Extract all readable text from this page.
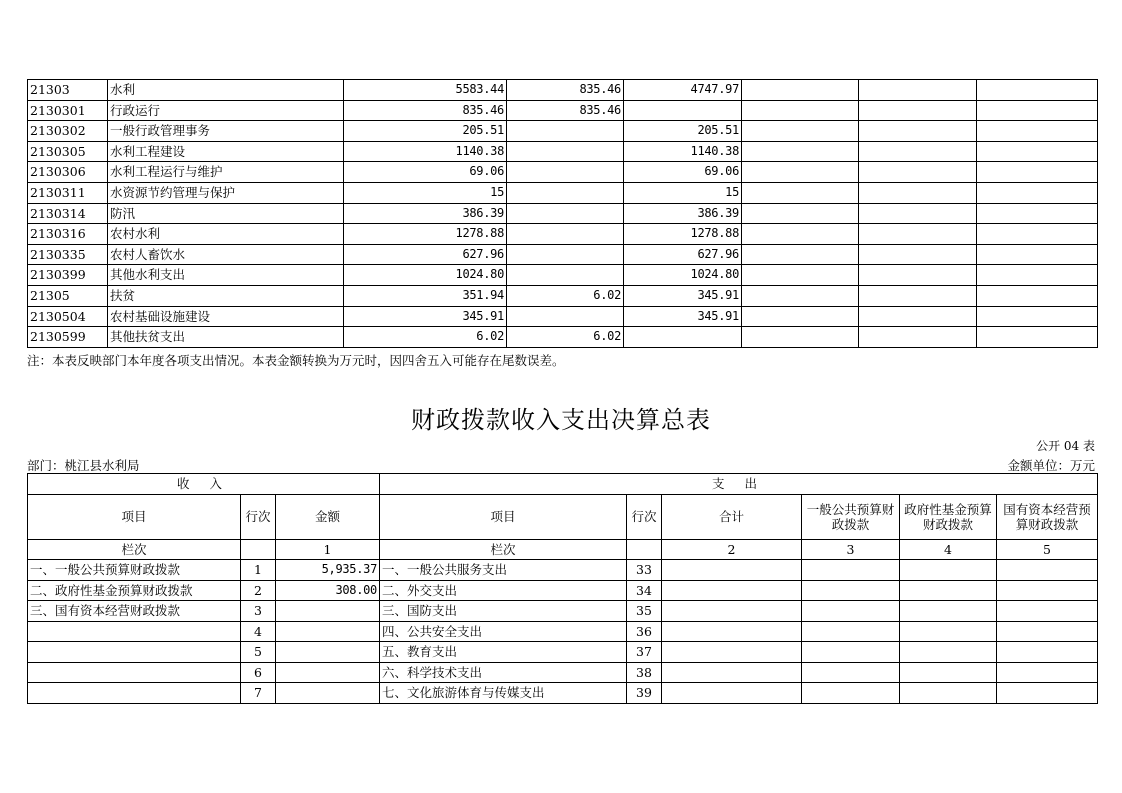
21303	水利	5583.44	835.46	4747.97			
2130301	行政运行	835.46	835.46				
2130302	一般行政管理事务	205.51		205.51			
2130305	水利工程建设	1140.38		1140.38			
2130306	水利工程运行与维护	69.06		69.06			
2130311	水资源节约管理与保护	15		15			
2130314	防汛	386.39		386.39			
2130316	农村水利	1278.88		1278.88			
2130335	农村人畜饮水	627.96		627.96			
2130399	其他水利支出	1024.80		1024.80			
21305	扶贫	351.94	6.02	345.91			
2130504	农村基础设施建设	345.91		345.91			
2130599	其他扶贫支出	6.02	6.02				
注：本表反映部门本年度各项支出情况。本表金额转换为万元时，因四舍五入可能存在尾数误差。
财政拨款收入支出决算总表
公开 04 表
部门：桃江县水利局	金额单位：万元
收 入			支 出					
项目	行次	金额	项目	行次	合计	一般公共预算财政拨款	政府性基金预算财政拨款	国有资本经营预算财政拨款
栏次		1	栏次		2	3	4	5
一、一般公共预算财政拨款	1	5,935.37	一、一般公共服务支出	33				
二、政府性基金预算财政拨款	2	308.00	二、外交支出	34				
三、国有资本经营财政拨款	3		三、国防支出	35				
	4		四、公共安全支出	36				
	5		五、教育支出	37				
	6		六、科学技术支出	38				
	7		七、文化旅游体育与传媒支出	39				
